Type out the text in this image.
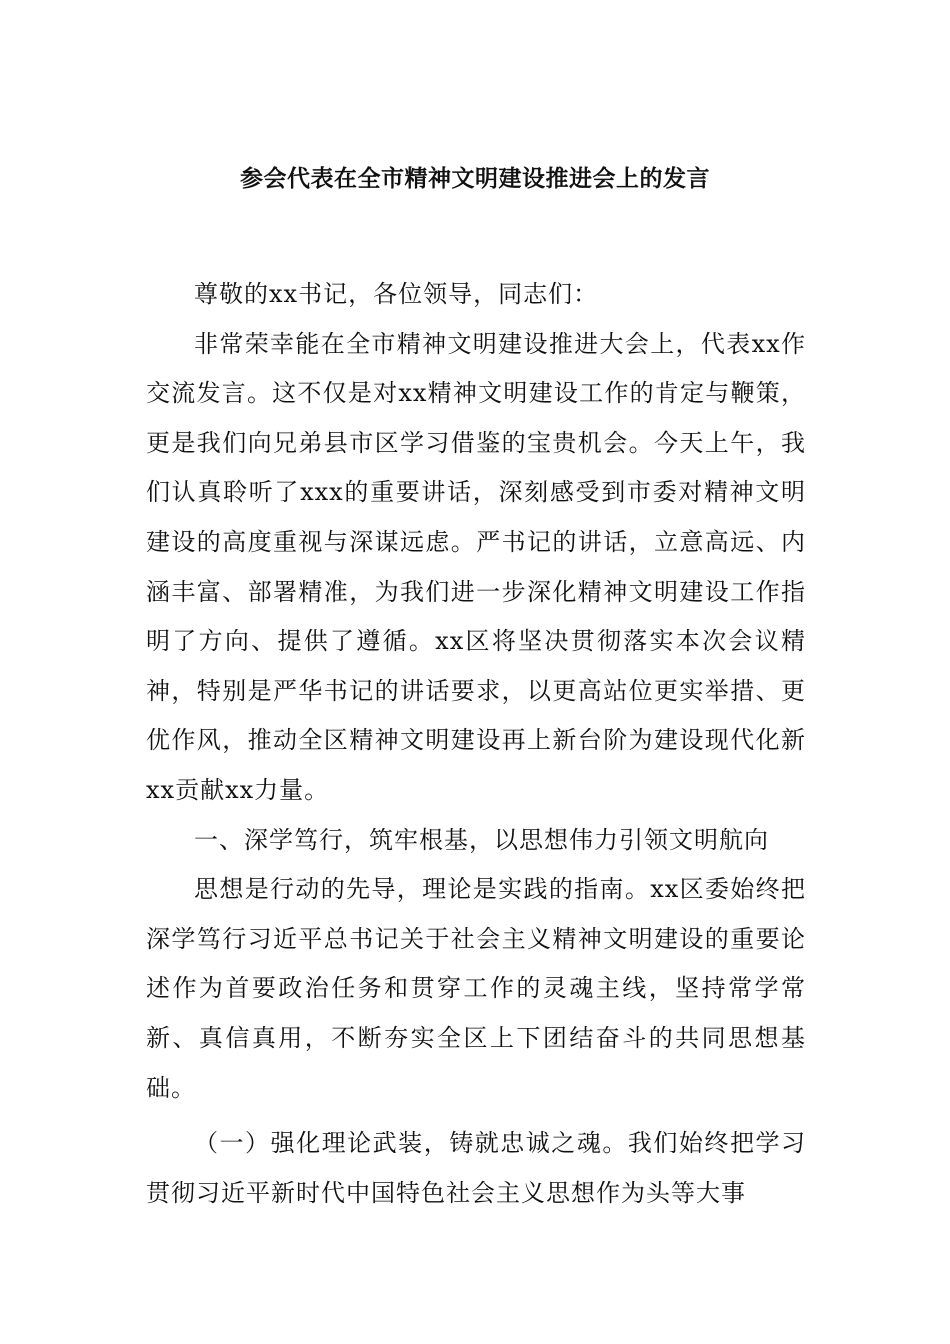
参会代表在全市精神文明建设推进会上的发言

尊敬的xx书记，各位领导，同志们：

非常荣幸能在全市精神文明建设推进大会上，代表xx作交流发言。这不仅是对xx精神文明建设工作的肯定与鞭策，更是我们向兄弟县市区学习借鉴的宝贵机会。今天上午，我们认真聆听了xxx的重要讲话，深刻感受到市委对精神文明建设的高度重视与深谋远虑。严书记的讲话，立意高远、内涵丰富、部署精准，为我们进一步深化精神文明建设工作指明了方向、提供了遵循。xx区将坚决贯彻落实本次会议精神，特别是严华书记的讲话要求，以更高站位更实举措、更优作风，推动全区精神文明建设再上新台阶为建设现代化新xx贡献xx力量。

一、深学笃行，筑牢根基，以思想伟力引领文明航向

思想是行动的先导，理论是实践的指南。xx区委始终把深学笃行习近平总书记关于社会主义精神文明建设的重要论述作为首要政治任务和贯穿工作的灵魂主线，坚持常学常新、真信真用，不断夯实全区上下团结奋斗的共同思想基础。

（一）强化理论武装，铸就忠诚之魂。我们始终把学习贯彻习近平新时代中国特色社会主义思想作为头等大事
